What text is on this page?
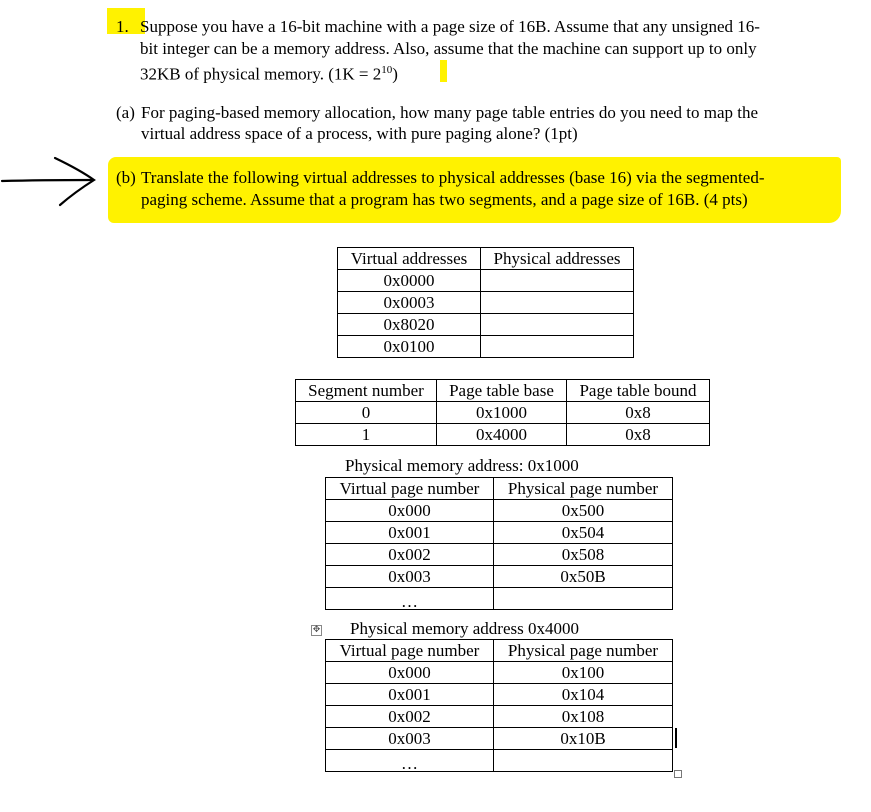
1. Suppose you have a 16-bit machine with a page size of 16B. Assume that any unsigned 16-
bit integer can be a memory address. Also, assume that the machine can support up to only
32KB of physical memory. $(1K = 2^{10})$
(a) For paging-based memory allocation, how many page table entries do you need to map the
virtual address space of a process, with pure paging alone? (1pt)
(b) Translate the following virtual addresses to physical addresses (base 16) via the segmented-
paging scheme. Assume that a program has two segments, and a page size of 16B. (4 pts)
Virtual addresses	Physical addresses
0x0000	
0x0003	
0x8020	
0x0100	
Segment number	Page table base	Page table bound
0	0x1000	0x8
1	0x4000	0x8
Physical memory address: 0x1000
Virtual page number	Physical page number
0x000	0x500
0x001	0x504
0x002	0x508
0x003	0x50B
…	
✥ Physical memory address 0x4000
Virtual page number	Physical page number
0x000	0x100
0x001	0x104
0x002	0x108
0x003	0x10B
…	
